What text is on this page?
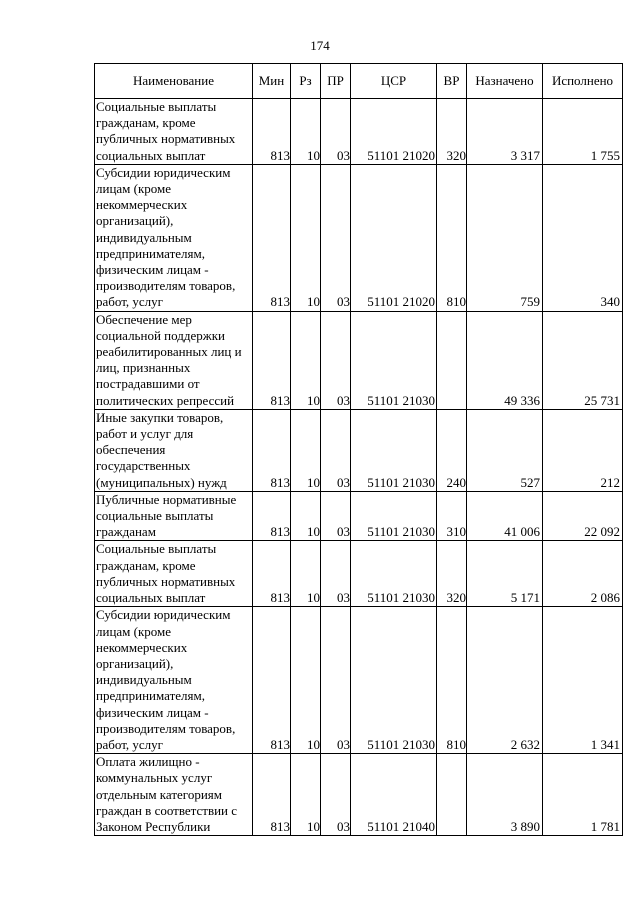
174
Наименование	Мин	Рз	ПР	ЦСР	ВР	Назначено	Исполнено
Социальные выплаты гражданам, кроме публичных нормативных социальных выплат	813	10	03	51101 21020	320	3 317	1 755
Субсидии юридическим лицам (кроме некоммерческих организаций), индивидуальным предпринимателям, физическим лицам - производителям товаров, работ, услуг	813	10	03	51101 21020	810	759	340
Обеспечение мер социальной поддержки реабилитированных лиц и лиц, признанных пострадавшими от политических репрессий	813	10	03	51101 21030		49 336	25 731
Иные закупки товаров, работ и услуг для обеспечения государственных (муниципальных) нужд	813	10	03	51101 21030	240	527	212
Публичные нормативные социальные выплаты гражданам	813	10	03	51101 21030	310	41 006	22 092
Социальные выплаты гражданам, кроме публичных нормативных социальных выплат	813	10	03	51101 21030	320	5 171	2 086
Субсидии юридическим лицам (кроме некоммерческих организаций), индивидуальным предпринимателям, физическим лицам - производителям товаров, работ, услуг	813	10	03	51101 21030	810	2 632	1 341
Оплата жилищно - коммунальных услуг отдельным категориям граждан в соответствии с Законом Республики	813	10	03	51101 21040		3 890	1 781
